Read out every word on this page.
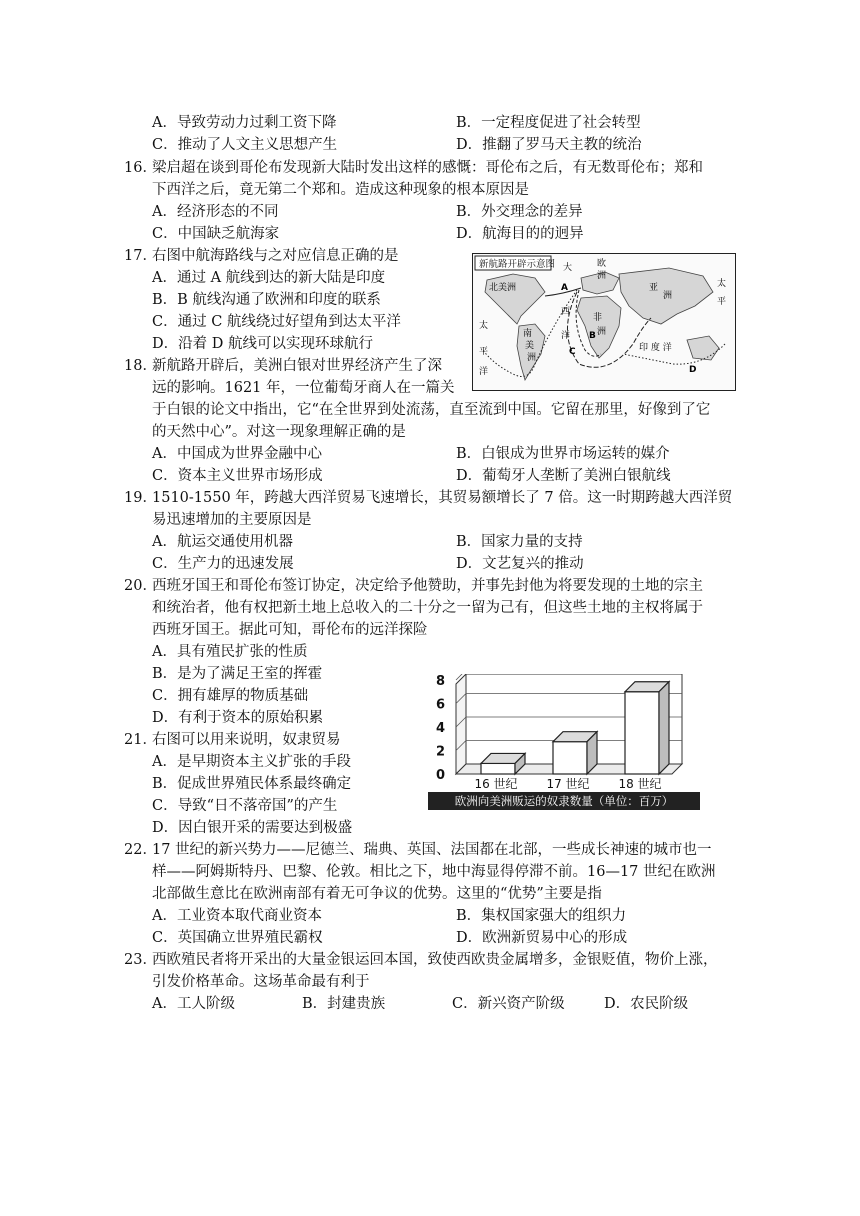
A．导致劳动力过剩工资下降	B．一定程度促进了社会转型
C．推动了人文主义思想产生	D．推翻了罗马天主教的统治
16．
梁启超在谈到哥伦布发现新大陆时发出这样的感慨：哥伦布之后，有无数哥伦布；郑和
下西洋之后，竟无第二个郑和。造成这种现象的根本原因是
A．经济形态的不同	B．外交理念的差异
C．中国缺乏航海家	D．航海目的的迥异
17．
右图中航海路线与之对应信息正确的是
A．通过 A 航线到达的新大陆是印度
B．B 航线沟通了欧洲和印度的联系
C．通过 C 航线绕过好望角到达太平洋
D．沿着 D 航线可以实现环球航行
新航路开辟示意图
北美洲
南
美
洲
欧
洲
亚
洲
非
洲
大
西
洋
太
平
洋
太
平
印 度 洋
A
B
C
D
18．
新航路开辟后，美洲白银对世界经济产生了深
远的影响。1621 年，一位葡萄牙商人在一篇关
于白银的论文中指出，它“在全世界到处流荡，直至流到中国。它留在那里，好像到了它
的天然中心”。对这一现象理解正确的是
A．中国成为世界金融中心	B．白银成为世界市场运转的媒介
C．资本主义世界市场形成	D．葡萄牙人垄断了美洲白银航线
19．
1510-1550 年，跨越大西洋贸易飞速增长，其贸易额增长了 7 倍。这一时期跨越大西洋贸
易迅速增加的主要原因是
A．航运交通使用机器	B．国家力量的支持
C．生产力的迅速发展	D．文艺复兴的推动
20．
西班牙国王和哥伦布签订协定，决定给予他赞助，并事先封他为将要发现的土地的宗主
和统治者，他有权把新土地上总收入的二十分之一留为己有，但这些土地的主权将属于
西班牙国王。据此可知，哥伦布的远洋探险
A．具有殖民扩张的性质
B．是为了满足王室的挥霍
C．拥有雄厚的物质基础
D．有利于资本的原始积累
21．
右图可以用来说明，奴隶贸易
A．是早期资本主义扩张的手段
B．促成世界殖民体系最终确定
C．导致“日不落帝国”的产生
D．因白银开采的需要达到极盛
0
2
4
6
8
16 世纪 17 世纪 18 世纪
欧洲向美洲贩运的奴隶数量（单位：百万）
22．
17 世纪的新兴势力——尼德兰、瑞典、英国、法国都在北部，一些成长神速的城市也一
样——阿姆斯特丹、巴黎、伦敦。相比之下，地中海显得停滞不前。16—17 世纪在欧洲
北部做生意比在欧洲南部有着无可争议的优势。这里的“优势”主要是指
A．工业资本取代商业资本	B．集权国家强大的组织力
C．英国确立世界殖民霸权	D．欧洲新贸易中心的形成
23．
西欧殖民者将开采出的大量金银运回本国，致使西欧贵金属增多，金银贬值，物价上涨，
引发价格革命。这场革命最有利于
A．工人阶级	B．封建贵族	C．新兴资产阶级	D．农民阶级
